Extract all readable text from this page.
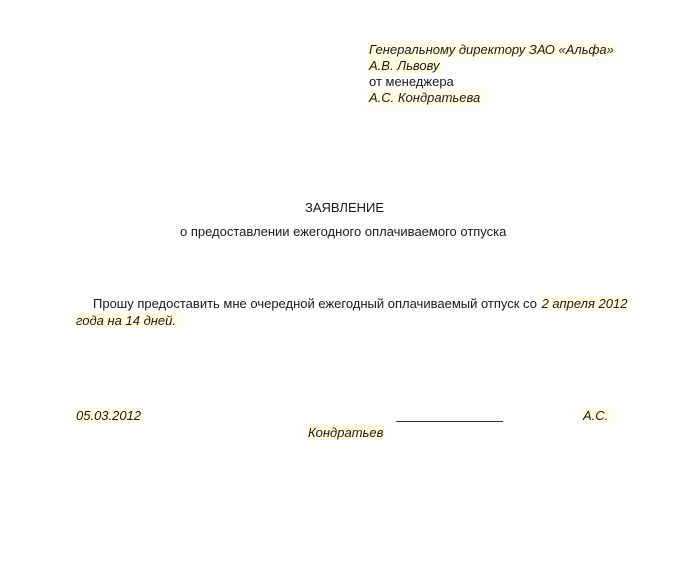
Генеральному директору ЗАО «Альфа»
А.В. Львову
от менеджера
А.С. Кондратьева
ЗАЯВЛЕНИЕ
о предоставлении ежегодного оплачиваемого отпуска
Прошу предоставить мне очередной ежегодный оплачиваемый отпуск со 2 апреля 2012
года на 14 дней.
05.03.2012	А.С.
Кондратьев
